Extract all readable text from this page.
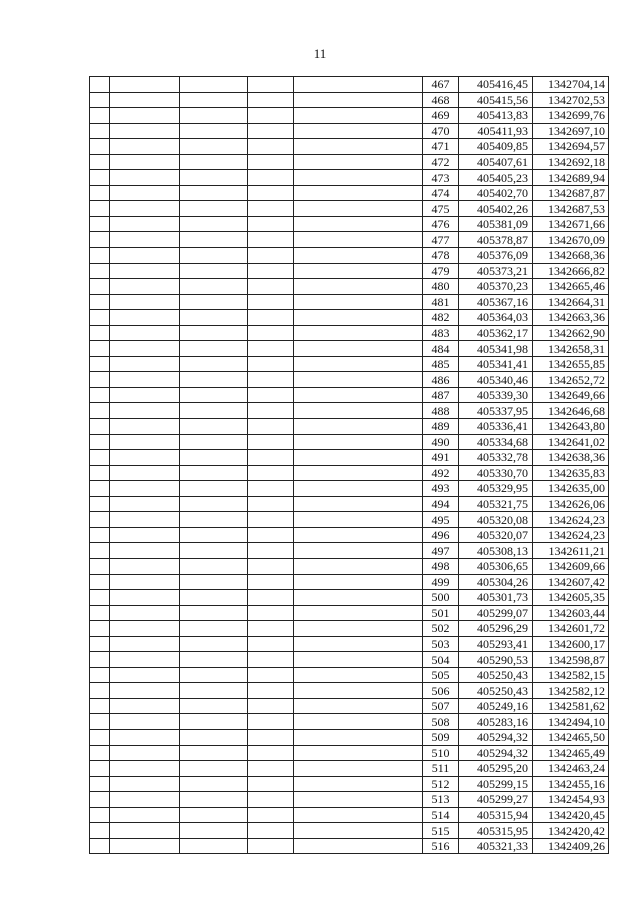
11
					467	405416,45	1342704,14
					468	405415,56	1342702,53
					469	405413,83	1342699,76
					470	405411,93	1342697,10
					471	405409,85	1342694,57
					472	405407,61	1342692,18
					473	405405,23	1342689,94
					474	405402,70	1342687,87
					475	405402,26	1342687,53
					476	405381,09	1342671,66
					477	405378,87	1342670,09
					478	405376,09	1342668,36
					479	405373,21	1342666,82
					480	405370,23	1342665,46
					481	405367,16	1342664,31
					482	405364,03	1342663,36
					483	405362,17	1342662,90
					484	405341,98	1342658,31
					485	405341,41	1342655,85
					486	405340,46	1342652,72
					487	405339,30	1342649,66
					488	405337,95	1342646,68
					489	405336,41	1342643,80
					490	405334,68	1342641,02
					491	405332,78	1342638,36
					492	405330,70	1342635,83
					493	405329,95	1342635,00
					494	405321,75	1342626,06
					495	405320,08	1342624,23
					496	405320,07	1342624,23
					497	405308,13	1342611,21
					498	405306,65	1342609,66
					499	405304,26	1342607,42
					500	405301,73	1342605,35
					501	405299,07	1342603,44
					502	405296,29	1342601,72
					503	405293,41	1342600,17
					504	405290,53	1342598,87
					505	405250,43	1342582,15
					506	405250,43	1342582,12
					507	405249,16	1342581,62
					508	405283,16	1342494,10
					509	405294,32	1342465,50
					510	405294,32	1342465,49
					511	405295,20	1342463,24
					512	405299,15	1342455,16
					513	405299,27	1342454,93
					514	405315,94	1342420,45
					515	405315,95	1342420,42
					516	405321,33	1342409,26
